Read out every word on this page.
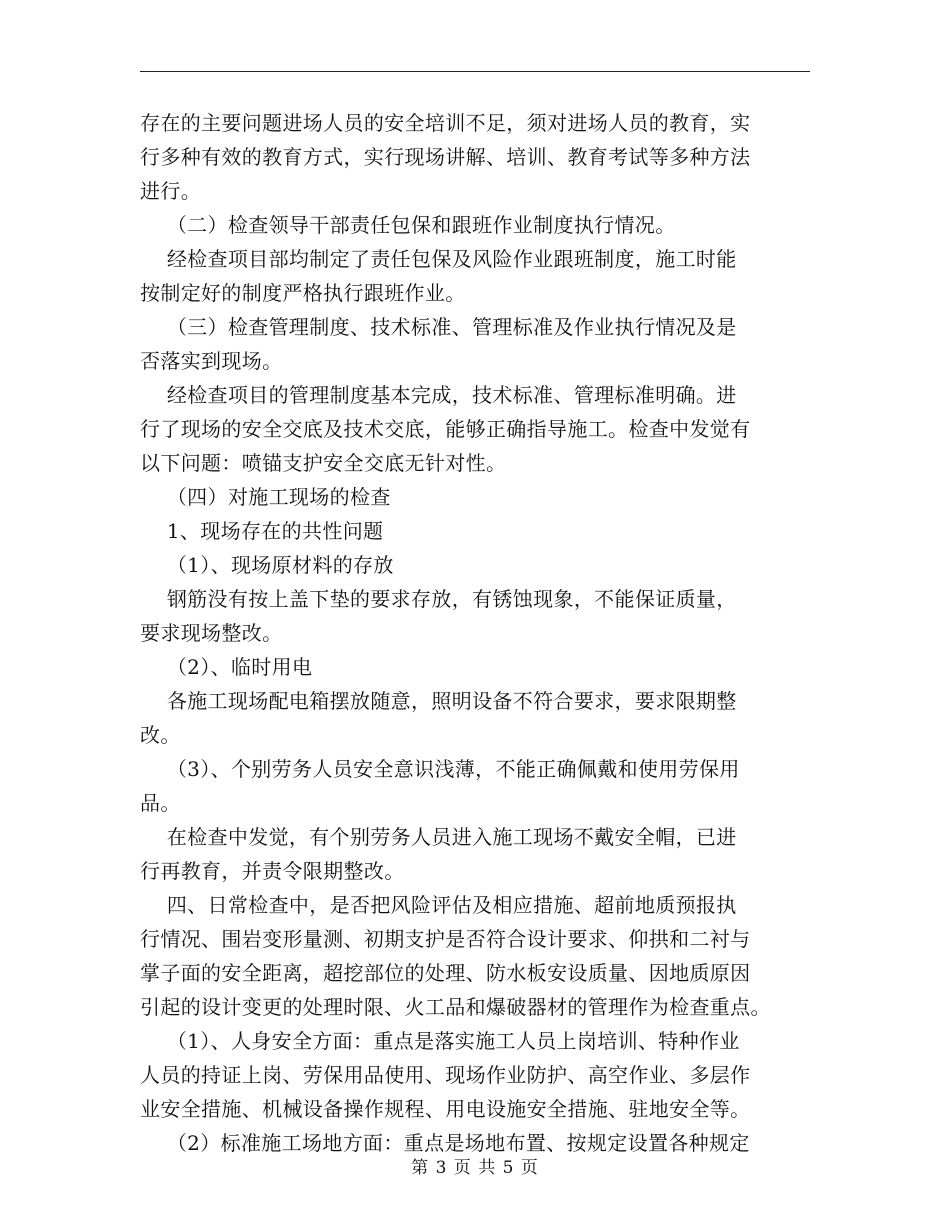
存在的主要问题进场人员的安全培训不足，须对进场人员的教育，实
行多种有效的教育方式，实行现场讲解、培训、教育考试等多种方法
进行。
（二）检查领导干部责任包保和跟班作业制度执行情况。
经检查项目部均制定了责任包保及风险作业跟班制度，施工时能
按制定好的制度严格执行跟班作业。
（三）检查管理制度、技术标准、管理标准及作业执行情况及是
否落实到现场。
经检查项目的管理制度基本完成，技术标准、管理标准明确。进
行了现场的安全交底及技术交底，能够正确指导施工。检查中发觉有
以下问题：喷锚支护安全交底无针对性。
（四）对施工现场的检查
1、现场存在的共性问题
（1）、现场原材料的存放
钢筋没有按上盖下垫的要求存放，有锈蚀现象，不能保证质量，
要求现场整改。
（2）、临时用电
各施工现场配电箱摆放随意，照明设备不符合要求，要求限期整
改。
（3）、个别劳务人员安全意识浅薄，不能正确佩戴和使用劳保用
品。
在检查中发觉，有个别劳务人员进入施工现场不戴安全帽，已进
行再教育，并责令限期整改。
四、日常检查中，是否把风险评估及相应措施、超前地质预报执
行情况、围岩变形量测、初期支护是否符合设计要求、仰拱和二衬与
掌子面的安全距离，超挖部位的处理、防水板安设质量、因地质原因
引起的设计变更的处理时限、火工品和爆破器材的管理作为检查重点。
（1）、人身安全方面：重点是落实施工人员上岗培训、特种作业
人员的持证上岗、劳保用品使用、现场作业防护、高空作业、多层作
业安全措施、机械设备操作规程、用电设施安全措施、驻地安全等。
（2）标准施工场地方面：重点是场地布置、按规定设置各种规定
第 3 页 共 5 页
